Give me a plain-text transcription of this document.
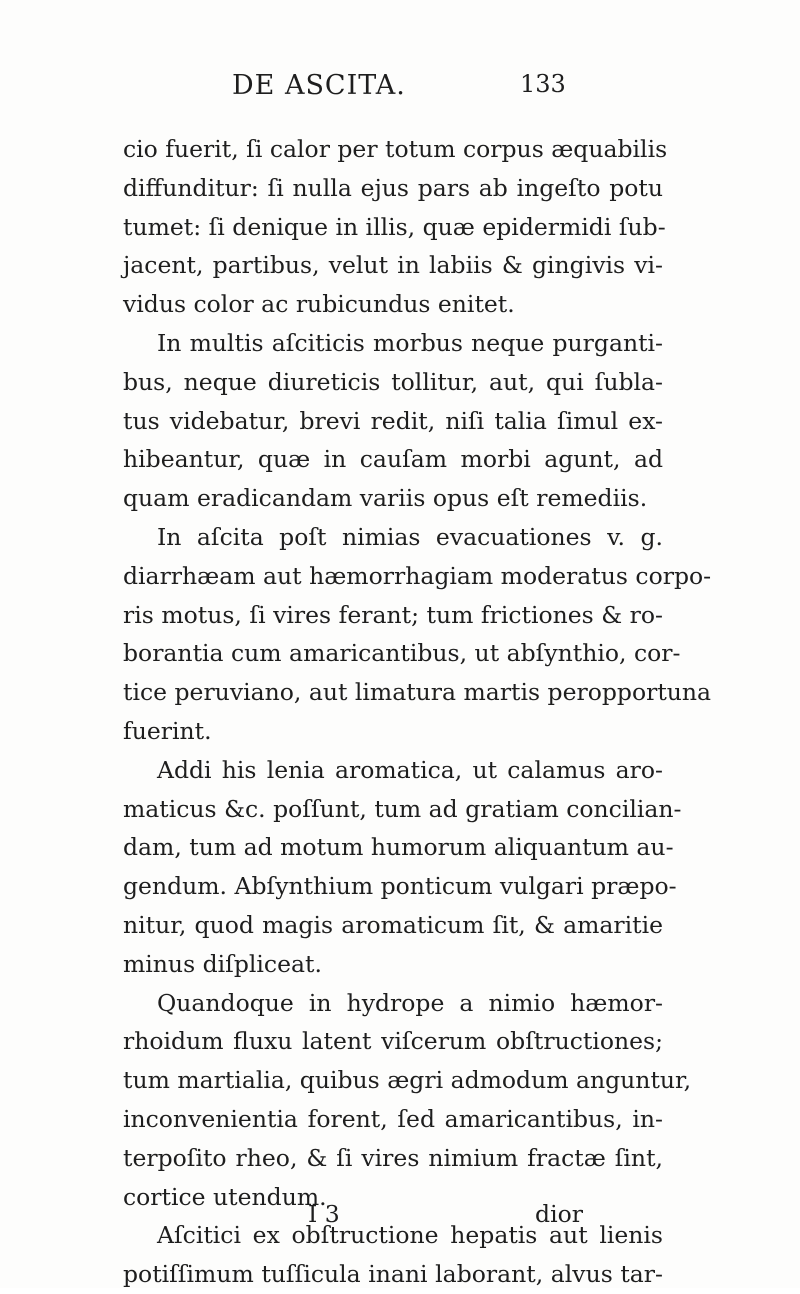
DE ASCITA.	133
cio fuerit, ſi calor per totum corpus æquabilis
diffunditur: ſi nulla ejus pars ab ingeſto potu
tumet: ſi denique in illis, quæ epidermidi ſub-
jacent, partibus, velut in labiis & gingivis vi-
vidus color ac rubicundus enitet.
In multis aſciticis morbus neque purganti-
bus, neque diureticis tollitur, aut, qui ſubla-
tus videbatur, brevi redit, niſi talia ſimul ex-
hibeantur, quæ in cauſam morbi agunt, ad
quam eradicandam variis opus eſt remediis.
In aſcita poſt nimias evacuationes v. g.
diarrhæam aut hæmorrhagiam moderatus corpo-
ris motus, ſi vires ferant; tum frictiones & ro-
borantia cum amaricantibus, ut abſynthio, cor-
tice peruviano, aut limatura martis peropportuna
fuerint.
Addi his lenia aromatica, ut calamus aro-
maticus &c. poſſunt, tum ad gratiam concilian-
dam, tum ad motum humorum aliquantum au-
gendum. Abſynthium ponticum vulgari præpo-
nitur, quod magis aromaticum ſit, & amaritie
minus diſpliceat.
Quandoque in hydrope a nimio hæmor-
rhoidum fluxu latent viſcerum obſtructiones;
tum martialia, quibus ægri admodum anguntur,
inconvenientia forent, ſed amaricantibus, in-
terpoſito rheo, & ſi vires nimium fractæ ſint,
cortice utendum.
Aſcitici ex obſtructione hepatis aut lienis
potiſſimum tuſſicula inani laborant, alvus tar-
I 3	dior
